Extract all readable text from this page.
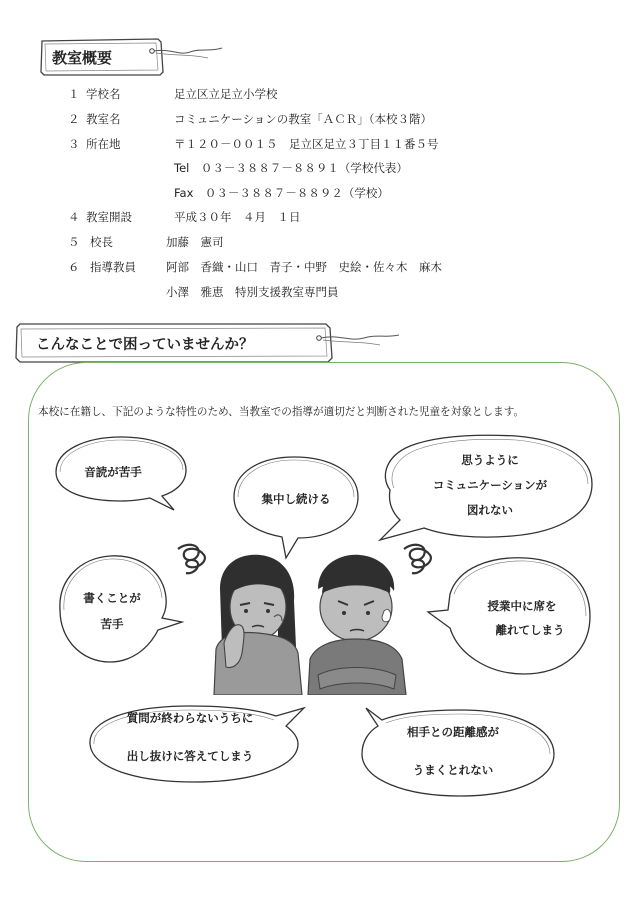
教室概要
１ 学校名	足立区立足立小学校
２ 教室名	コミュニケーションの教室「ＡＣＲ」（本校３階）
３ 所在地	〒１２０－００１５　足立区足立３丁目１１番５号
Tel　０３－３８８７－８８９１（学校代表）
Fax　０３－３８８７－８８９２（学校）
４ 教室開設	平成３０年　４月　１日
５ 校長	加藤　憲司
６ 指導教員	阿部　香織・山口　青子・中野　史絵・佐々木　麻木
小澤　雅恵　特別支援教室専門員
こんなことで困っていませんか？
本校に在籍し、下記のような特性のため、当教室での指導が適切だと判断された児童を対象とします。
音読が苦手
集中し続ける
思うように
コミュニケーションが
図れない
書くことが
苦手
授業中に席を
離れてしまう
質問が終わらないうちに
出し抜けに答えてしまう
相手との距離感が
うまくとれない
